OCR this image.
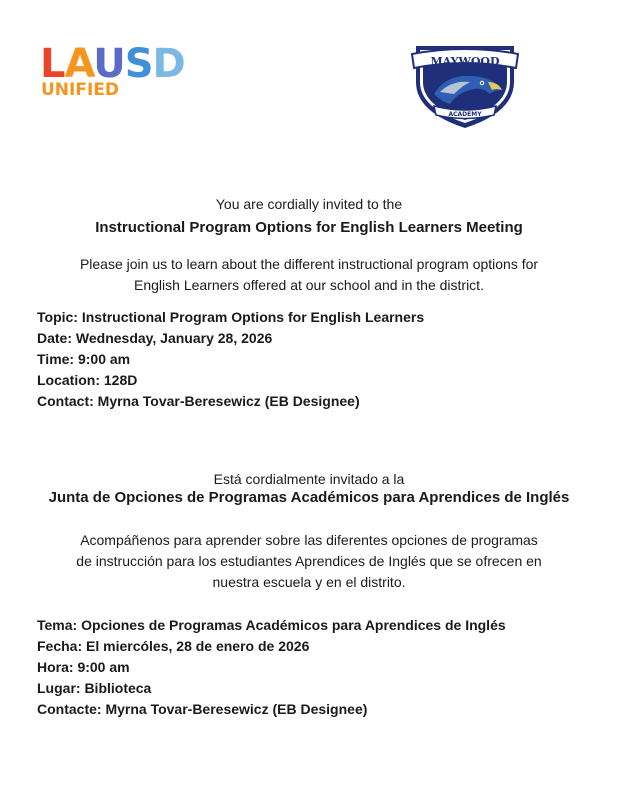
LAUSD
UNIFIED
MAYWOOD
ACADEMY
You are cordially invited to the
Instructional Program Options for English Learners Meeting
Please join us to learn about the different instructional program options for
English Learners offered at our school and in the district.
Topic: Instructional Program Options for English Learners
Date: Wednesday, January 28, 2026
Time: 9:00 am
Location: 128D
Contact: Myrna Tovar-Beresewicz (EB Designee)
Está cordialmente invitado a la
Junta de Opciones de Programas Académicos para Aprendices de Inglés
Acompáñenos para aprender sobre las diferentes opciones de programas
de instrucción para los estudiantes Aprendices de Inglés que se ofrecen en
nuestra escuela y en el distrito.
Tema: Opciones de Programas Académicos para Aprendices de Inglés
Fecha: El miercóles, 28 de enero de 2026
Hora: 9:00 am
Lugar: Biblioteca
Contacte: Myrna Tovar-Beresewicz (EB Designee)
